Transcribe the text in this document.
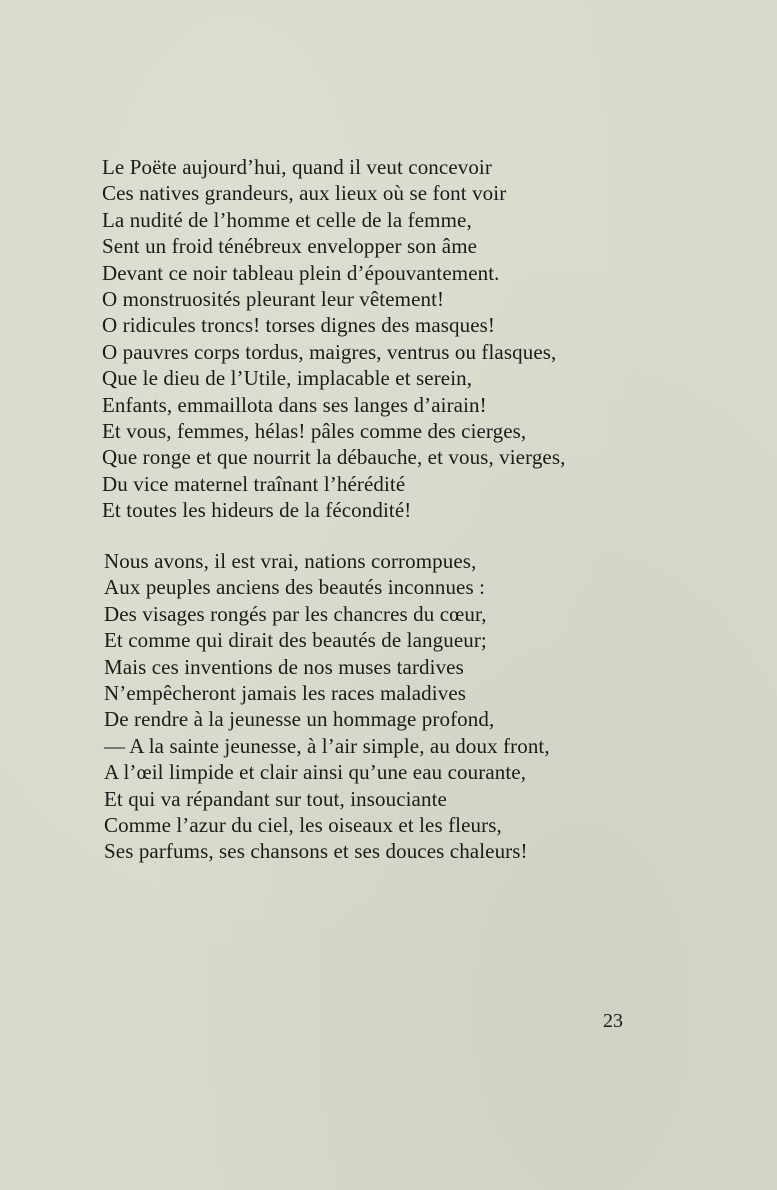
Le Poëte aujourd’hui, quand il veut concevoir
Ces natives grandeurs, aux lieux où se font voir
La nudité de l’homme et celle de la femme,
Sent un froid ténébreux envelopper son âme
Devant ce noir tableau plein d’épouvantement.
O monstruosités pleurant leur vêtement!
O ridicules troncs! torses dignes des masques!
O pauvres corps tordus, maigres, ventrus ou flasques,
Que le dieu de l’Utile, implacable et serein,
Enfants, emmaillota dans ses langes d’airain!
Et vous, femmes, hélas! pâles comme des cierges,
Que ronge et que nourrit la débauche, et vous, vierges,
Du vice maternel traînant l’hérédité
Et toutes les hideurs de la fécondité!
Nous avons, il est vrai, nations corrompues,
Aux peuples anciens des beautés inconnues :
Des visages rongés par les chancres du cœur,
Et comme qui dirait des beautés de langueur;
Mais ces inventions de nos muses tardives
N’empêcheront jamais les races maladives
De rendre à la jeunesse un hommage profond,
— A la sainte jeunesse, à l’air simple, au doux front,
A l’œil limpide et clair ainsi qu’une eau courante,
Et qui va répandant sur tout, insouciante
Comme l’azur du ciel, les oiseaux et les fleurs,
Ses parfums, ses chansons et ses douces chaleurs!
23
